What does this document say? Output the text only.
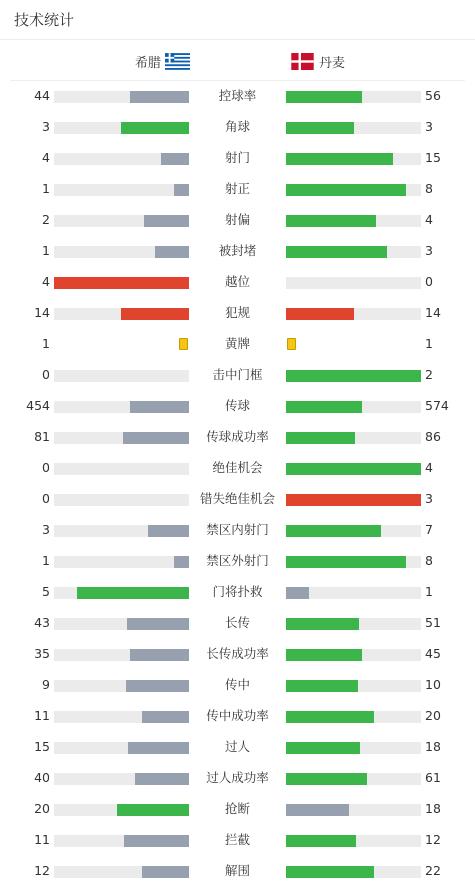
技术统计
希腊	丹麦
44	控球率	56
3	角球	3
4	射门	15
1	射正	8
2	射偏	4
1	被封堵	3
4	越位	0
14	犯规	14
1	黄牌	1
0	击中门框	2
454	传球	574
81	传球成功率	86
0	绝佳机会	4
0	错失绝佳机会	3
3	禁区内射门	7
1	禁区外射门	8
5	门将扑救	1
43	长传	51
35	长传成功率	45
9	传中	10
11	传中成功率	20
15	过人	18
40	过人成功率	61
20	抢断	18
11	拦截	12
12	解围	22
